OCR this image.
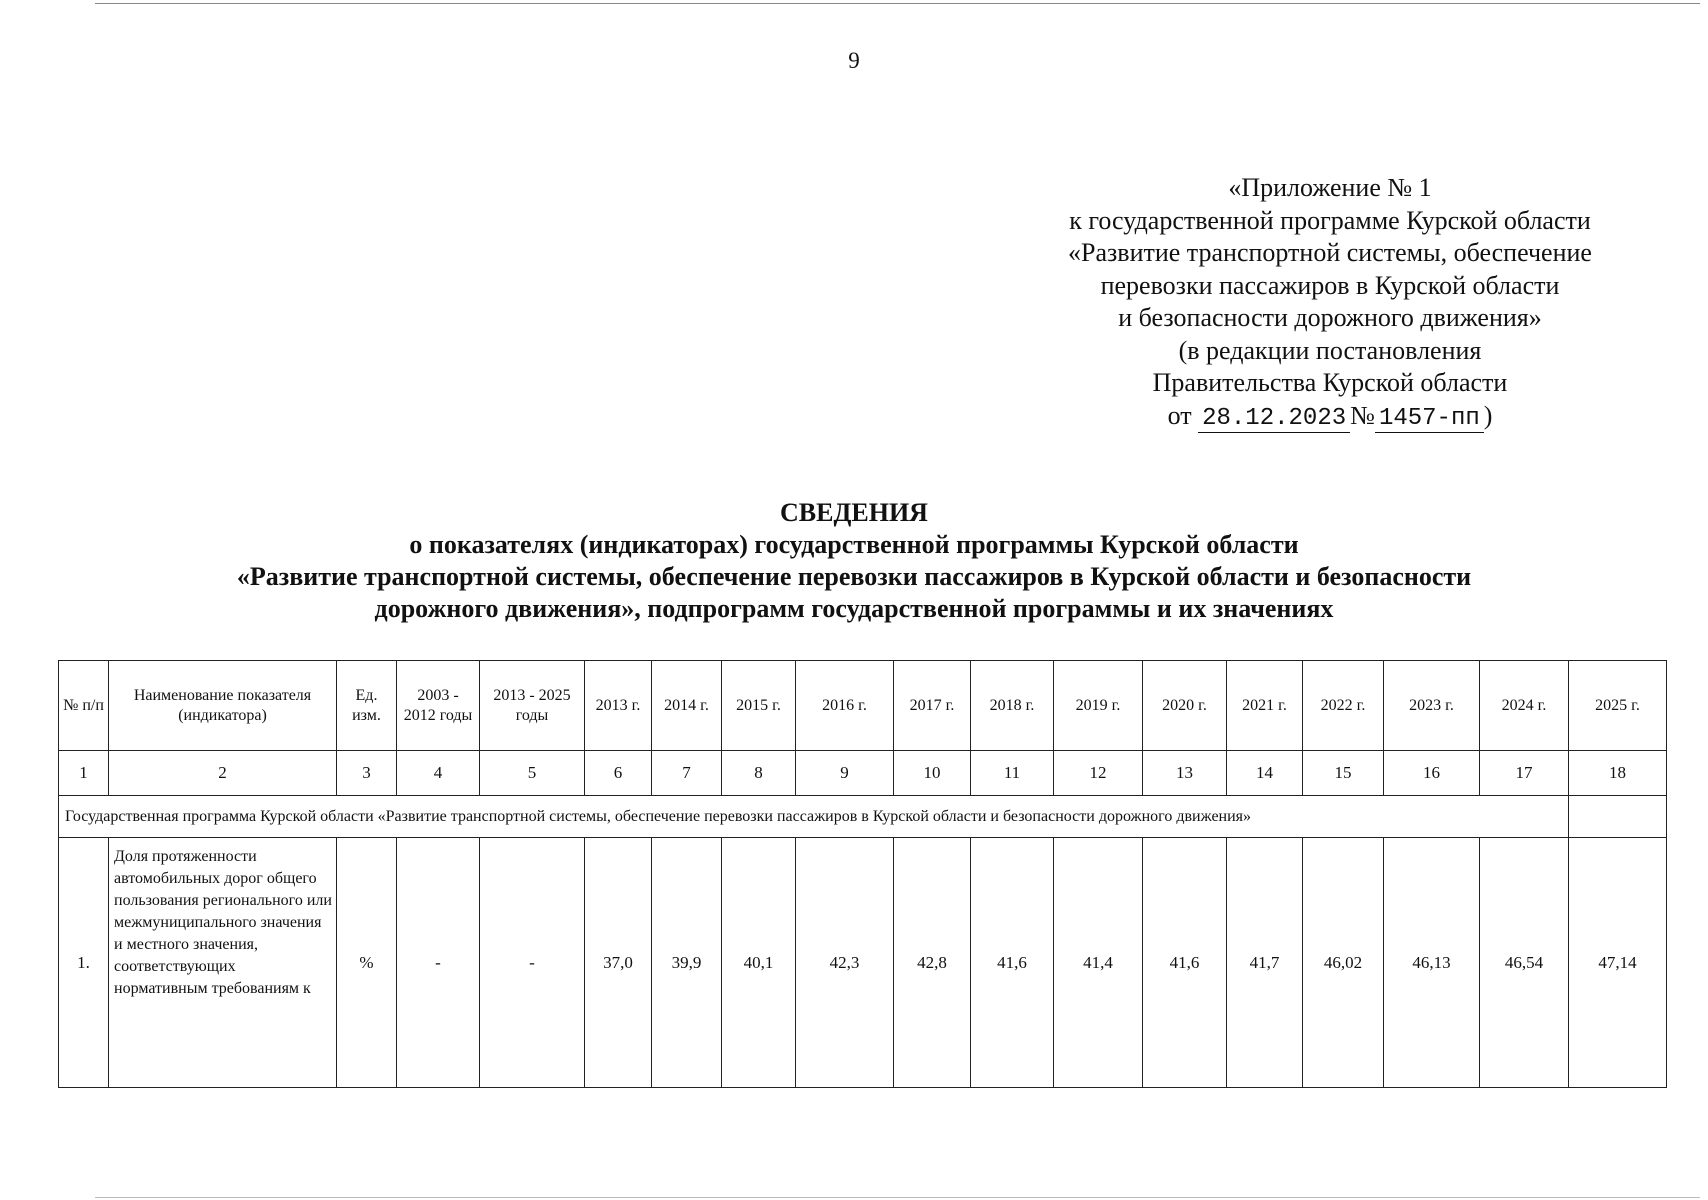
9
«Приложение № 1
к государственной программе Курской области
«Развитие транспортной системы, обеспечение
перевозки пассажиров в Курской области
и безопасности дорожного движения»
(в редакции постановления
Правительства Курской области
от 28.12.2023 № 1457-пп )
СВЕДЕНИЯ
о показателях (индикаторах) государственной программы Курской области
«Развитие транспортной системы, обеспечение перевозки пассажиров в Курской области и безопасности
дорожного движения», подпрограмм государственной программы и их значениях
№ п/п	Наименование показателя (индикатора)	Ед. изм.	2003 - 2012 годы	2013 - 2025 годы	2013 г.	2014 г.	2015 г.	2016 г.	2017 г.	2018 г.	2019 г.	2020 г.	2021 г.	2022 г.	2023 г.	2024 г.	2025 г.
1	2	3	4	5	6	7	8	9	10	11	12	13	14	15	16	17	18
Государственная программа Курской области «Развитие транспортной системы, обеспечение перевозки пассажиров в Курской области и безопасности дорожного движения»																	
1.	Доля протяженности автомобильных дорог общего пользования регионального или межмуниципального значения и местного значения, соответствующих нормативным требованиям к	%	-	-	37,0	39,9	40,1	42,3	42,8	41,6	41,4	41,6	41,7	46,02	46,13	46,54	47,14
